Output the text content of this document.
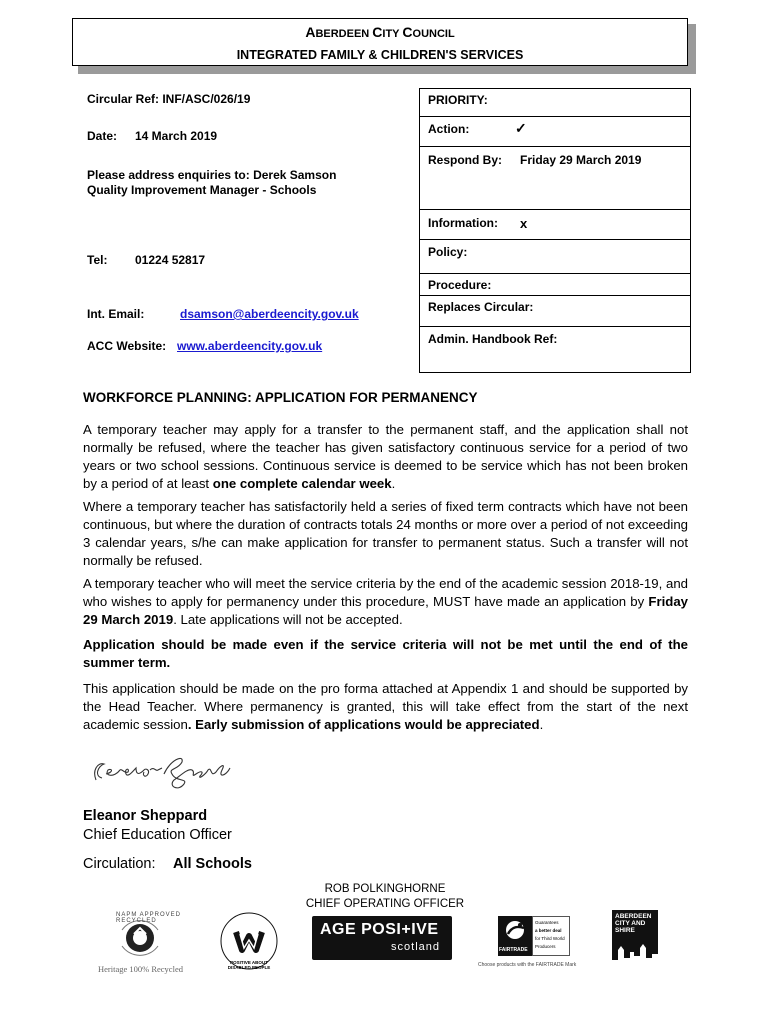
ABERDEEN CITY COUNCIL
INTEGRATED FAMILY & CHILDREN'S SERVICES
Circular Ref: INF/ASC/026/19
Date: 14 March 2019
Please address enquiries to: Derek Samson
Quality Improvement Manager - Schools
Tel: 01224 52817
Int. Email:	dsamson@aberdeencity.gov.uk
ACC Website: www.aberdeencity.gov.uk
PRIORITY:
Action:	✓
Respond By: Friday 29 March 2019
Information: x
Policy:
Procedure:
Replaces Circular:
Admin. Handbook Ref:
WORKFORCE PLANNING: APPLICATION FOR PERMANENCY
A temporary teacher may apply for a transfer to the permanent staff, and the application shall not normally be refused, where the teacher has given satisfactory continuous service for a period of two years or two school sessions. Continuous service is deemed to be service which has not been broken by a period of at least one complete calendar week.
Where a temporary teacher has satisfactorily held a series of fixed term contracts which have not been continuous, but where the duration of contracts totals 24 months or more over a period of not exceeding 3 calendar years, s/he can make application for transfer to permanent status. Such a transfer will not normally be refused.
A temporary teacher who will meet the service criteria by the end of the academic session 2018-19, and who wishes to apply for permanency under this procedure, MUST have made an application by Friday 29 March 2019. Late applications will not be accepted.
Application should be made even if the service criteria will not be met until the end of the summer term.
This application should be made on the pro forma attached at Appendix 1 and should be supported by the Head Teacher. Where permanency is granted, this will take effect from the start of the next academic session. Early submission of applications would be appreciated.
Eleanor Sheppard
Chief Education Officer
Circulation: All Schools
ROB POLKINGHORNE
CHIEF OPERATING OFFICER
NAPM APPROVED RECYCLED
Heritage 100% Recycled
POSITIVE ABOUT DISABLED PEOPLE
AGE POSI+IVE
scotland	FAIRTRADE
Guarantees
a better deal
for Third World
Producers
Choose products with the FAIRTRADE Mark
ABERDEEN
CITY AND
SHIRE
